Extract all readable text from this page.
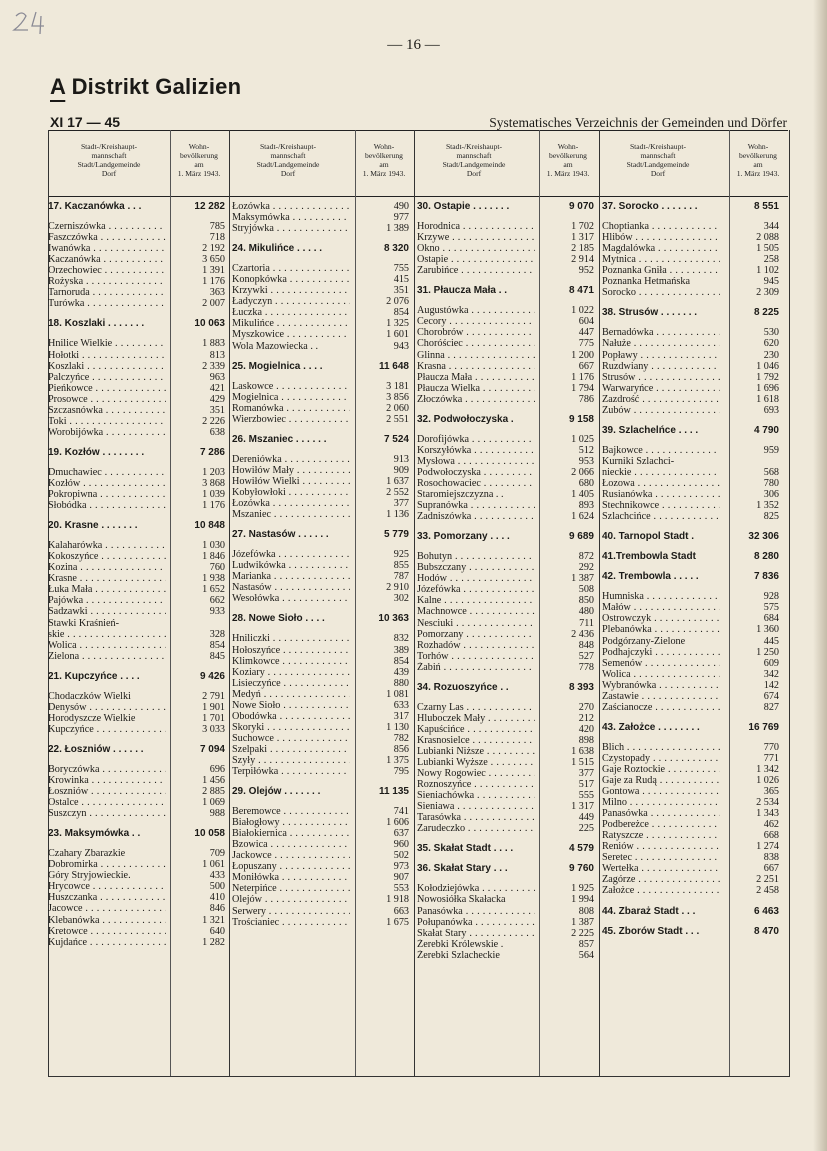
— 16 —
A Distrikt Galizien
XI 17 — 45	Systematisches Verzeichnis der Gemeinden und Dörfer
Stadt-/Kreishaupt-
mannschaft
Stadt/Landgemeinde
Dorf
Stadt-/Kreishaupt-
mannschaft
Stadt/Landgemeinde
Dorf
Stadt-/Kreishaupt-
mannschaft
Stadt/Landgemeinde
Dorf
Stadt-/Kreishaupt-
mannschaft
Stadt/Landgemeinde
Dorf
Wohn-
bevölkerung
am
1. März 1943.
Wohn-
bevölkerung
am
1. März 1943.
Wohn-
bevölkerung
am
1. März 1943.
Wohn-
bevölkerung
am
1. März 1943.
17. Kaczanówka . . .	12 282
Czerniszówka . . .	785
Faszczówka . . .	718
Iwanówka . . .	2 192
Kaczanówka . . .	3 650
Orzechowiec . . .	1 391
Rożyska . . .	1 176
Tarnoruda . . .	363
Turówka . . .	2 007
18. Koszlaki . . . . . . .	10 063
Hnilice Wielkie . . .	1 883
Hołotki . . .	813
Koszlaki . . .	2 339
Palczyńce . . .	963
Pieńkowce . . .	421
Prosowce . . .	429
Szczasnówka . . .	351
Toki . . .	2 226
Worobijówka . . .	638
19. Kozłów . . . . . . . .	7 286
Dmuchawiec . . .	1 203
Kozłów . . .	3 868
Pokropiwna . . .	1 039
Słobódka . . .	1 176
20. Krasne . . . . . . .	10 848
Kalaharówka . . .	1 030
Kokoszyńce . . .	1 846
Kozina . . .	760
Krasne . . .	1 938
Łuka Mała . . .	1 652
Pajówka . . .	662
Sadzawki . . .	933
Stawki Kraśnień-
skie . . .	328
Wolica . . .	854
Zielona . . .	845
21. Kupczyńce . . . .	9 426
Chodaczków Wielki	2 791
Denysów . . .	1 901
Horodyszcze Wielkie	1 701
Kupczyńce . . .	3 033
22. Łoszniów . . . . . .	7 094
Boryczówka . . .	696
Krowinka . . .	1 456
Łoszniów . . .	2 885
Ostalce . . .	1 069
Suszczyn . . .	988
23. Maksymówka . .	10 058
Czahary Zbarazkie	709
Dobromirka . . .	1 061
Góry Stryjowieckie.	433
Hrycowce . . .	500
Huszczanka . . .	410
Jacowce . . .	846
Klebanówka . . .	1 321
Kretowce . . .	640
Kujdańce . . .	1 282
Łozówka . . .	490
Maksymówka . . .	977
Stryjówka . . .	1 389
24. Mikulińce . . . . .	8 320
Czartoria . . .	755
Konopkówka . . .	415
Krzywki . . .	351
Ładyczyn . . .	2 076
Łuczka . . .	854
Mikulińce . . .	1 325
Myszkowice . . .	1 601
Wola Mazowiecka . .	943
25. Mogielnica . . . .	11 648
Laskowce . . .	3 181
Mogielnica . . .	3 856
Romanówka . . .	2 060
Wierzbowiec . . .	2 551
26. Mszaniec . . . . . .	7 524
Dereniówka . . .	913
Howiłów Mały . . .	909
Howiłów Wielki . . .	1 637
Kobyłowłoki . . .	2 552
Łozówka . . .	377
Mszaniec . . .	1 136
27. Nastasów . . . . . .	5 779
Józefówka . . .	925
Ludwikówka . . .	855
Marianka . . .	787
Nastasów . . .	2 910
Wesołówka . . .	302
28. Nowe Sioło . . . .	10 363
Hniliczki . . .	832
Hołoszyńce . . .	389
Klimkowce . . .	854
Koziary . . .	439
Lisieczyńce . . .	880
Medyń . . .	1 081
Nowe Sioło . . .	633
Obodówka . . .	317
Skoryki . . .	1 130
Suchowce . . .	782
Szelpaki . . .	856
Szyły . . .	1 375
Terpiłówka . . .	795
29. Olejów . . . . . . .	11 135
Beremowce . . .	741
Białogłowy . . .	1 606
Białokiernica . . .	637
Bzowica . . .	960
Jackowce . . .	502
Łopuszany . . .	973
Moniłówka . . .	907
Neterpińce . . .	553
Olejów . . .	1 918
Serwery . . .	663
Trościaniec . . .	1 675
30. Ostapie . . . . . . .	9 070
Horodnica . . .	1 702
Krzywe . . .	1 317
Okno . . .	2 185
Ostapie . . .	2 914
Zarubińce . . .	952
31. Płaucza Mała . .	8 471
Augustówka . . .	1 022
Cecory . . .	604
Chorobrów . . .	447
Choróściec . . .	775
Glinna . . .	1 200
Krasna . . .	667
Płaucza Mała . . .	1 176
Płaucza Wielka . . .	1 794
Złoczówka . . .	786
32. Podwołoczyska .	9 158
Dorofijówka . . .	1 025
Korszyłówka . . .	512
Mysłowa . . .	953
Podwołoczyska . . .	2 066
Rosochowaciec . . .	680
Staromiejszczyzna . .	1 405
Supranówka . . .	893
Zadniszówka . . .	1 624
33. Pomorzany . . . .	9 689
Bohutyn . . .	872
Bubszczany . . .	292
Hodów . . .	1 387
Józefówka . . .	508
Kalne . . .	850
Machnowce . . .	480
Nesciuki . . .	711
Pomorzany . . .	2 436
Rozhadów . . .	848
Torhów . . .	527
Żabiń . . .	778
34. Rozuoszyńce . .	8 393
Czarny Las . . .	270
Hluboczek Mały . . .	212
Kapuścińce . . .	420
Krasnosielce . . .	898
Lubianki Niższe . . .	1 638
Lubianki Wyższe . . .	1 515
Nowy Rogowiec . . .	377
Roznoszyńce . . .	517
Sieniachówka . . .	555
Sieniawa . . .	1 317
Tarasówka . . .	449
Zarudeczko . . .	225
35. Skałat Stadt . . . .	4 579
36. Skałat Stary . . .	9 760
Kołodziejówka . . .	1 925
Nowosiółka Skałacka	1 994
Panasówka . . .	808
Połupanówka . . .	1 387
Skałat Stary . . .	2 225
Żerebki Królewskie .	857
Żerebki Szlacheckie	564
37. Sorocko . . . . . . .	8 551
Choptianka . . .	344
Hlibów . . .	2 088
Magdalówka . . .	1 505
Mytnica . . .	258
Poznanka Gniła . . .	1 102
Poznanka Hetmańska	945
Sorocko . . .	2 309
38. Strusów . . . . . . .	8 225
Bernadówka . . .	530
Nałuże . . .	620
Popławy . . .	230
Ruzdwiany . . .	1 046
Strusów . . .	1 792
Warwaryńce . . .	1 696
Zazdrość . . .	1 618
Zubów . . .	693
39. Szlachelńce . . . .	4 790
Bajkowce . . .	959
Kurniki Szlachci-
nieckie . . .	568
Łozowa . . .	780
Rusianówka . . .	306
Stechnikowce . . .	1 352
Szlachcińce . . .	825
40. Tarnopol Stadt .	32 306
41.Trembowla Stadt	8 280
42. Trembowla . . . . .	7 836
Humniska . . .	928
Małów . . .	575
Ostrowczyk . . .	684
Plebanówka . . .	1 360
Podgórzany-Zielone	445
Podhajczyki . . .	1 250
Semenów . . .	609
Wolica . . .	342
Wybranówka . . .	142
Zastawie . . .	674
Zaścianocze . . .	827
43. Założce . . . . . . . .	16 769
Blich . . .	770
Czystopady . . .	771
Gaje Roztockie . . .	1 342
Gaje za Rudą . . .	1 026
Gontowa . . .	365
Milno . . .	2 534
Panasówka . . .	1 343
Podbereżce . . .	462
Ratyszcze . . .	668
Reniów . . .	1 274
Seretec . . .	838
Wertełka . . .	667
Zagórze . . .	2 251
Założce . . .	2 458
44. Zbaraż Stadt . . .	6 463
45. Zborów Stadt . . .	8 470
